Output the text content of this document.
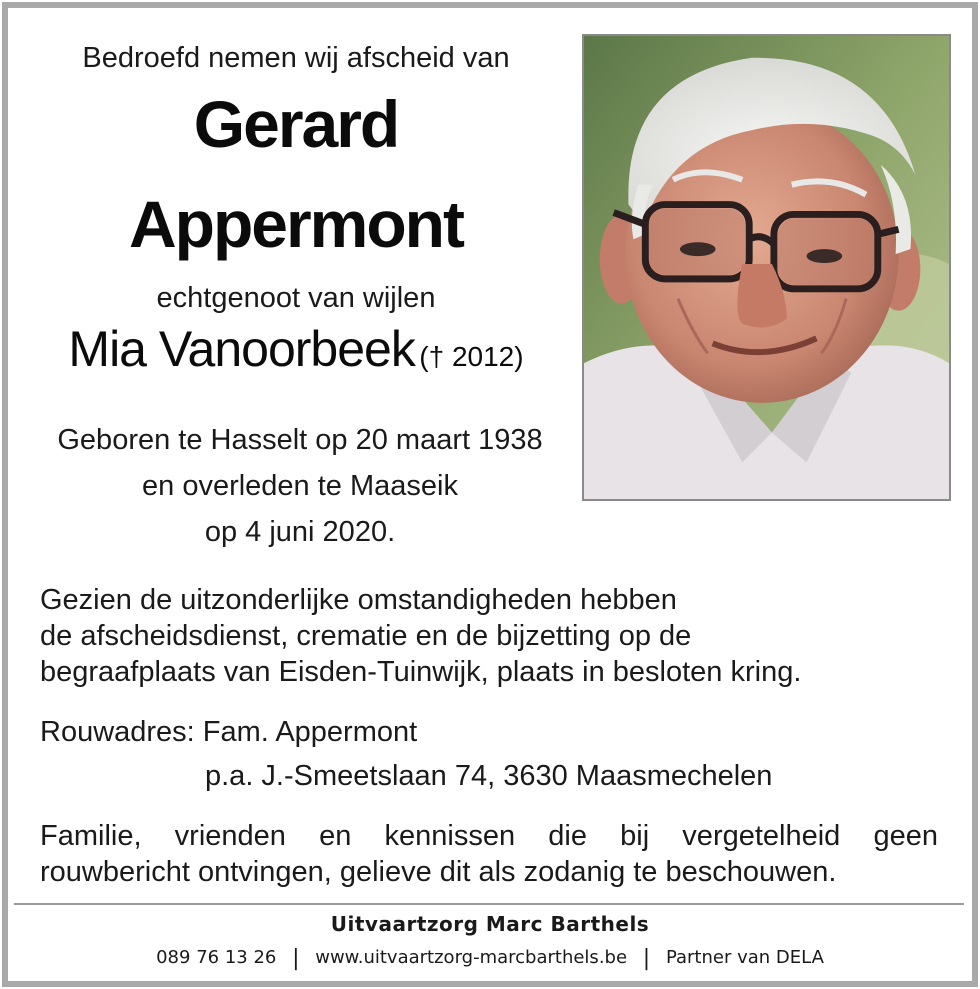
Bedroefd nemen wij afscheid van
Gerard
Appermont
echtgenoot van wijlen
Mia Vanoorbeek († 2012)
Geboren te Hasselt op 20 maart 1938
en overleden te Maaseik
op 4 juni 2020.
Gezien de uitzonderlijke omstandigheden hebben
de afscheidsdienst, crematie en de bijzetting op de
begraafplaats van Eisden-Tuinwijk, plaats in besloten kring.
Rouwadres: Fam. Appermont
p.a. J.-Smeetslaan 74, 3630 Maasmechelen
Familie, vrienden en kennissen die bij vergetelheid geen
rouwbericht ontvingen, gelieve dit als zodanig te beschouwen.
Uitvaartzorg Marc Barthels
089 76 13 26 | www.uitvaartzorg-marcbarthels.be | Partner van DELA
